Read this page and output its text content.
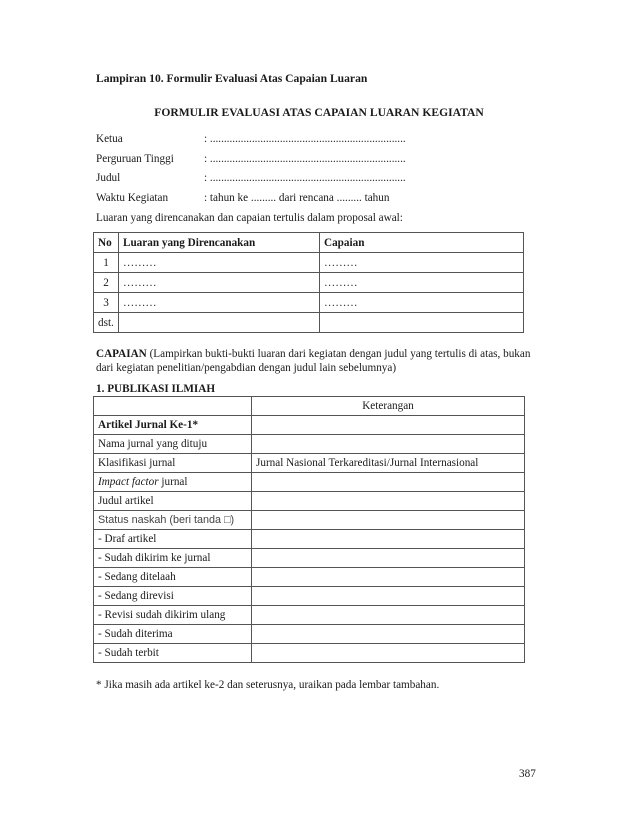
Lampiran 10. Formulir Evaluasi Atas Capaian Luaran
FORMULIR EVALUASI ATAS CAPAIAN LUARAN KEGIATAN
Ketua	: ......................................................................
Perguruan Tinggi	: ......................................................................
Judul	: ......................................................................
Waktu Kegiatan	: tahun ke ......... dari rencana ......... tahun
Luaran yang direncanakan dan capaian tertulis dalam proposal awal:
No	Luaran yang Direncanakan	Capaian
1	………	………
2	………	………
3	………	………
dst.		
CAPAIAN (Lampirkan bukti-bukti luaran dari kegiatan dengan judul yang tertulis di atas, bukan dari kegiatan penelitian/pengabdian dengan judul lain sebelumnya)
1. PUBLIKASI ILMIAH
	Keterangan
Artikel Jurnal Ke-1*	
Nama jurnal yang dituju	
Klasifikasi jurnal	Jurnal Nasional Terkareditasi/Jurnal Internasional
Impact factor jurnal	
Judul artikel	
Status naskah (beri tanda □)	
- Draf artikel	
- Sudah dikirim ke jurnal	
- Sedang ditelaah	
- Sedang direvisi	
- Revisi sudah dikirim ulang	
- Sudah diterima	
- Sudah terbit	
* Jika masih ada artikel ke-2 dan seterusnya, uraikan pada lembar tambahan.
387
